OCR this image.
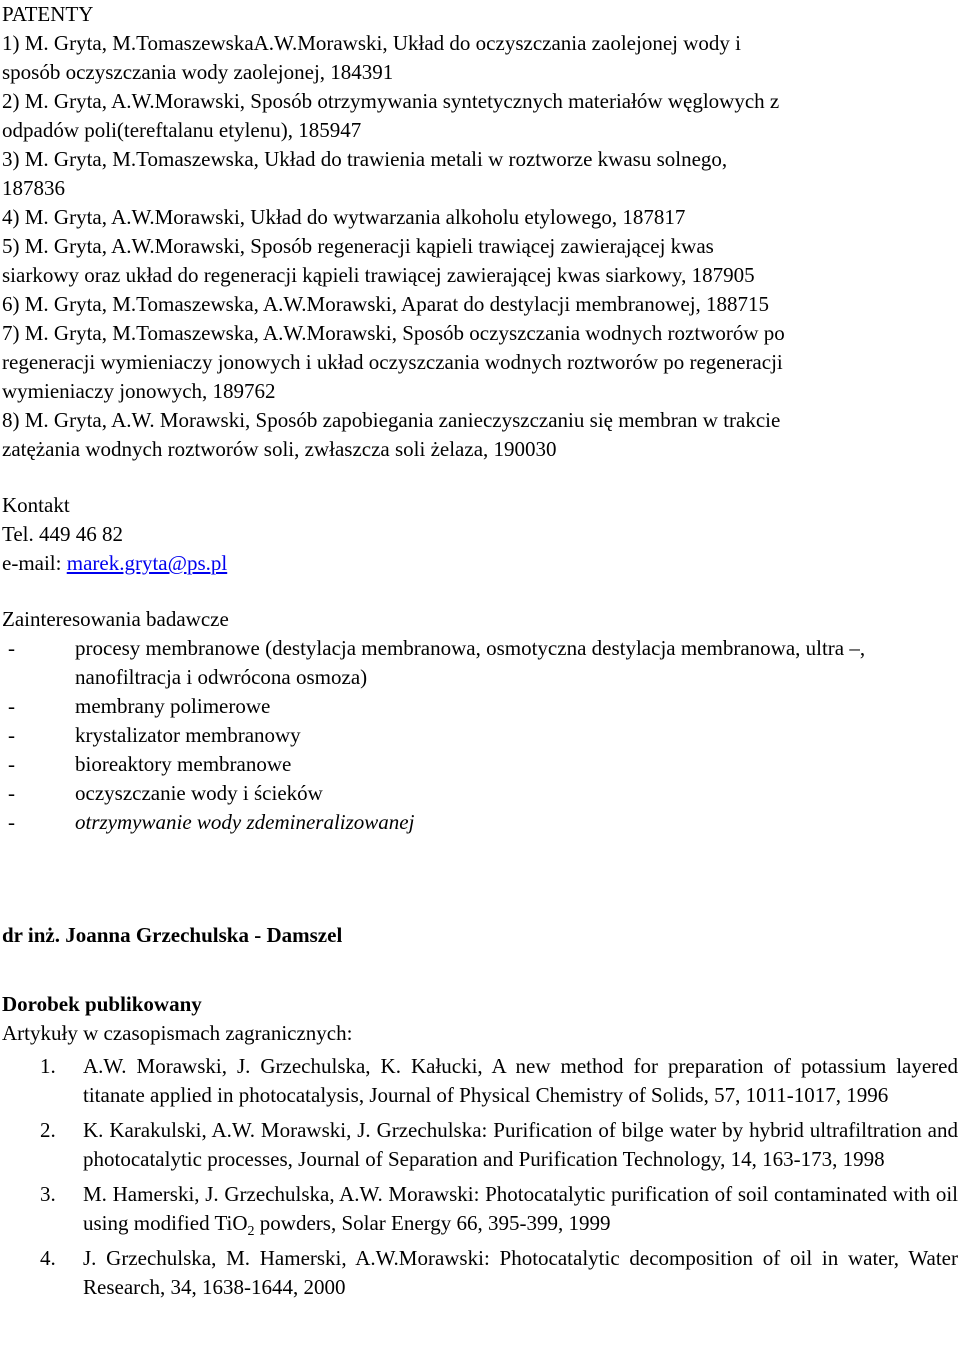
PATENTY
1) M. Gryta, M.TomaszewskaA.W.Morawski, Układ do oczyszczania zaolejonej wody i
sposób oczyszczania wody zaolejonej, 184391
2) M. Gryta, A.W.Morawski, Sposób otrzymywania syntetycznych materiałów węglowych z
odpadów poli(tereftalanu etylenu), 185947
3) M. Gryta, M.Tomaszewska, Układ do trawienia metali w roztworze kwasu solnego,
187836
4) M. Gryta, A.W.Morawski, Układ do wytwarzania alkoholu etylowego, 187817
5) M. Gryta, A.W.Morawski, Sposób regeneracji kąpieli trawiącej zawierającej kwas
siarkowy oraz układ do regeneracji kąpieli trawiącej zawierającej kwas siarkowy, 187905
6) M. Gryta, M.Tomaszewska, A.W.Morawski, Aparat do destylacji membranowej, 188715
7) M. Gryta, M.Tomaszewska, A.W.Morawski, Sposób oczyszczania wodnych roztworów po
regeneracji wymieniaczy jonowych i układ oczyszczania wodnych roztworów po regeneracji
wymieniaczy jonowych, 189762
8) M. Gryta, A.W. Morawski, Sposób zapobiegania zanieczyszczaniu się membran w trakcie
zatężania wodnych roztworów soli, zwłaszcza soli żelaza, 190030
Kontakt
Tel. 449 46 82
e-mail: marek.gryta@ps.pl
Zainteresowania badawcze
-	procesy membranowe (destylacja membranowa, osmotyczna destylacja membranowa, ultra –, nanofiltracja i odwrócona osmoza)
-	membrany polimerowe
-	krystalizator membranowy
-	bioreaktory membranowe
-	oczyszczanie wody i ścieków
-	otrzymywanie wody zdemineralizowanej
dr inż. Joanna Grzechulska - Damszel
Dorobek publikowany
Artykuły w czasopismach zagranicznych:
1.	A.W. Morawski, J. Grzechulska, K. Kałucki, A new method for preparation of potassium layered titanate applied in photocatalysis, Journal of Physical Chemistry of Solids, 57, 1011-1017, 1996
2.	K. Karakulski, A.W. Morawski, J. Grzechulska: Purification of bilge water by hybrid ultrafiltration and photocatalytic processes, Journal of Separation and Purification Technology, 14, 163-173, 1998
3.	M. Hamerski, J. Grzechulska, A.W. Morawski: Photocatalytic purification of soil contaminated with oil using modified TiO$_2$ powders, Solar Energy 66, 395-399, 1999
4.	J. Grzechulska, M. Hamerski, A.W.Morawski: Photocatalytic decomposition of oil in water, Water Research, 34, 1638-1644, 2000
